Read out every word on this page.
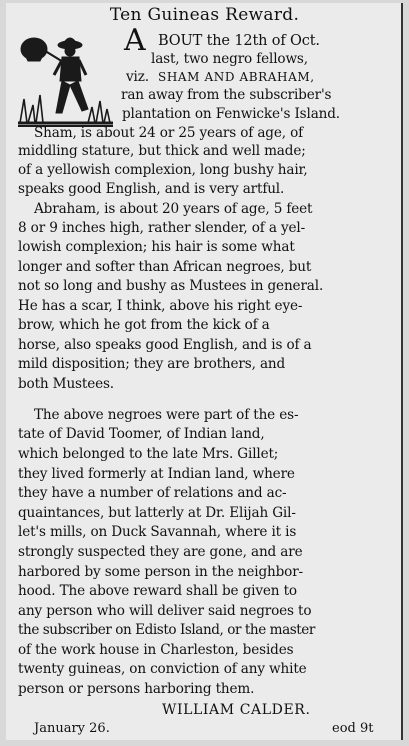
Ten Guineas Reward.
A BOUT the 12th of Oct.
last, two negro fellows,
viz. SHAM AND ABRAHAM,
ran away from the subscriber's
plantation on Fenwicke's Island.
Sham, is about 24 or 25 years of age, of
middling stature, but thick and well made;
of a yellowish complexion, long bushy hair,
speaks good English, and is very artful.
Abraham, is about 20 years of age, 5 feet
8 or 9 inches high, rather slender, of a yel-
lowish complexion; his hair is some what
longer and softer than African negroes, but
not so long and bushy as Mustees in general.
He has a scar, I think, above his right eye-
brow, which he got from the kick of a
horse, also speaks good English, and is of a
mild disposition; they are brothers, and
both Mustees.
The above negroes were part of the es-
tate of David Toomer, of Indian land,
which belonged to the late Mrs. Gillet;
they lived formerly at Indian land, where
they have a number of relations and ac-
quaintances, but latterly at Dr. Elijah Gil-
let's mills, on Duck Savannah, where it is
strongly suspected they are gone, and are
harbored by some person in the neighbor-
hood. The above reward shall be given to
any person who will deliver said negroes to
the subscriber on Edisto Island, or the master
of the work house in Charleston, besides
twenty guineas, on conviction of any white
person or persons harboring them.
WILLIAM CALDER.
January 26.	eod 9t
